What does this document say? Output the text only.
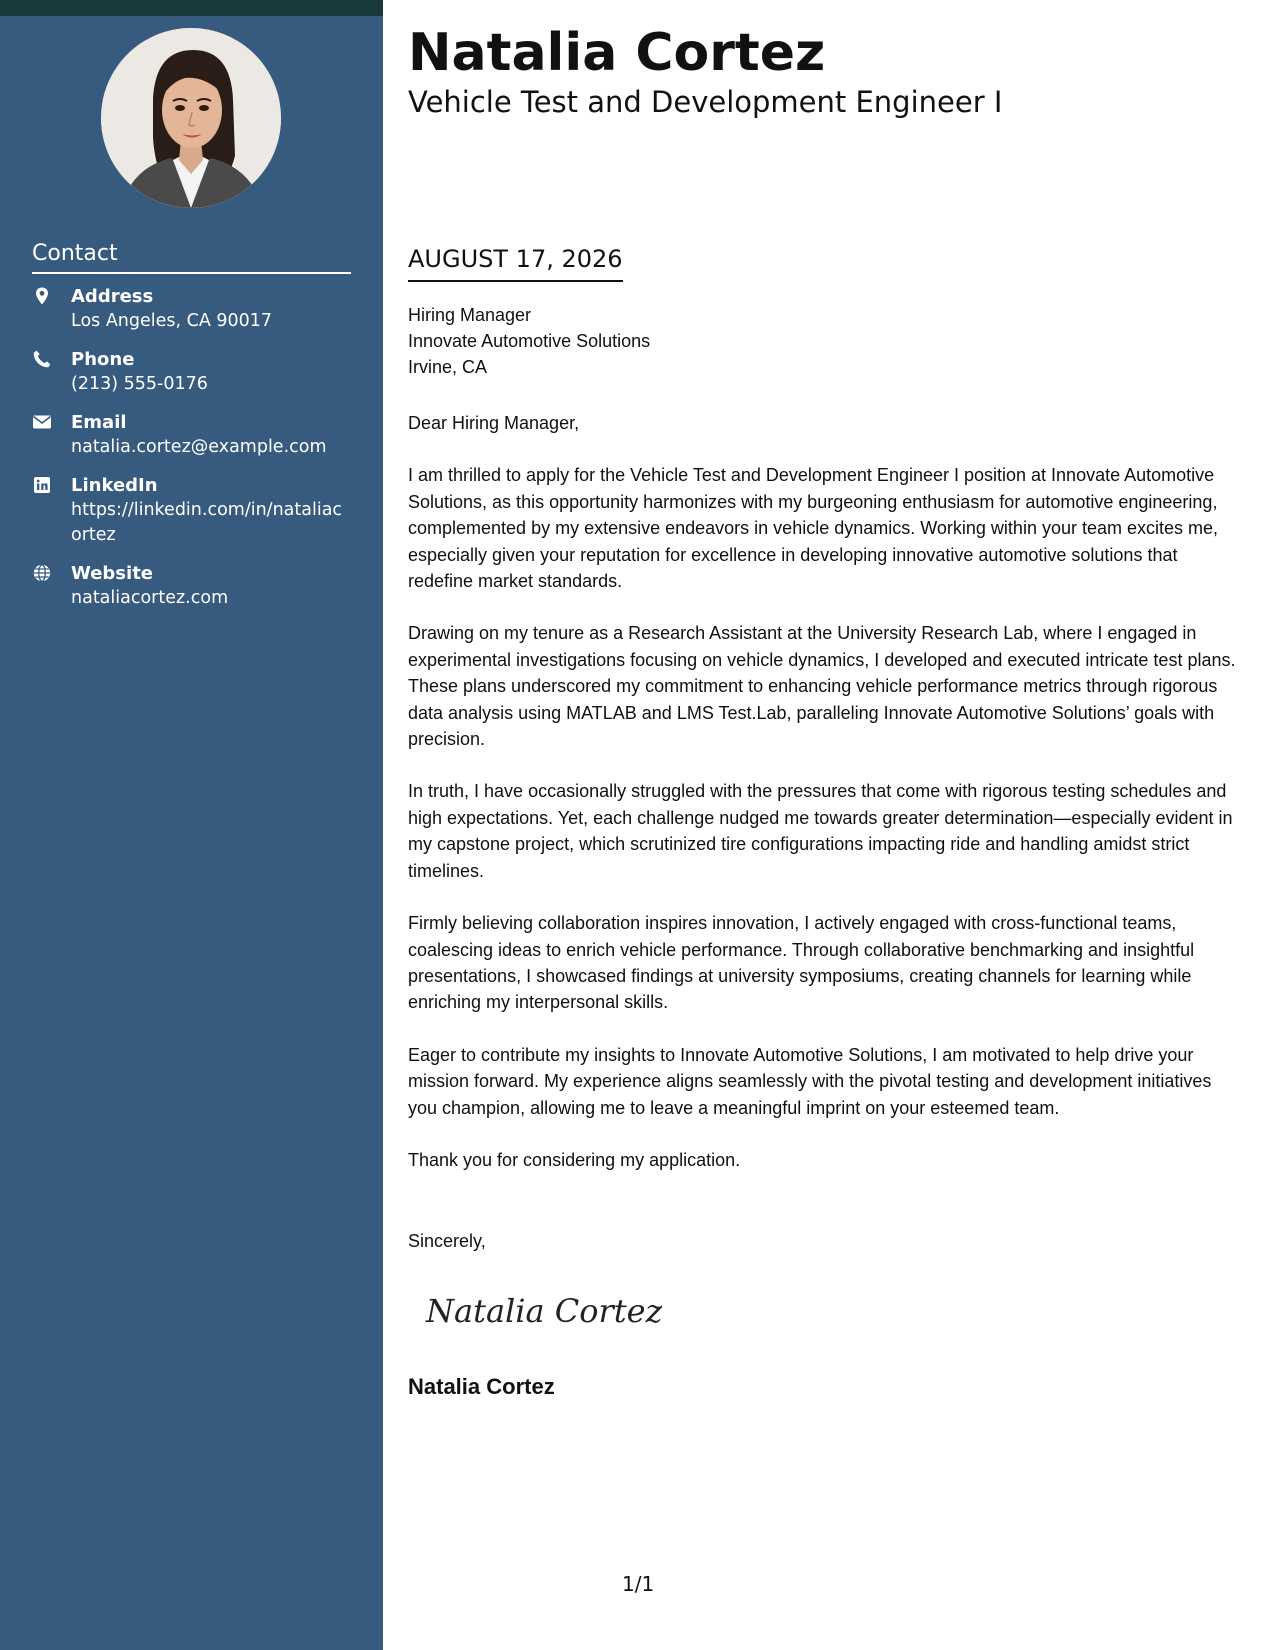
Contact
Address
Los Angeles, CA 90017
Phone
(213) 555-0176
Email
natalia.cortez@example.com
LinkedIn
https://linkedin.com/in/nataliacortez
Website
nataliacortez.com
Natalia Cortez
Vehicle Test and Development Engineer I
AUGUST 17, 2026
Hiring Manager
Innovate Automotive Solutions
Irvine, CA
Dear Hiring Manager,

I am thrilled to apply for the Vehicle Test and Development Engineer I position at Innovate Automotive Solutions, as this opportunity harmonizes with my burgeoning enthusiasm for automotive engineering, complemented by my extensive endeavors in vehicle dynamics. Working within your team excites me, especially given your reputation for excellence in developing innovative automotive solutions that redefine market standards.

Drawing on my tenure as a Research Assistant at the University Research Lab, where I engaged in experimental investigations focusing on vehicle dynamics, I developed and executed intricate test plans. These plans underscored my commitment to enhancing vehicle performance metrics through rigorous data analysis using MATLAB and LMS Test.Lab, paralleling Innovate Automotive Solutions’ goals with precision.

In truth, I have occasionally struggled with the pressures that come with rigorous testing schedules and high expectations. Yet, each challenge nudged me towards greater determination—especially evident in my capstone project, which scrutinized tire configurations impacting ride and handling amidst strict timelines.

Firmly believing collaboration inspires innovation, I actively engaged with cross-functional teams, coalescing ideas to enrich vehicle performance. Through collaborative benchmarking and insightful presentations, I showcased findings at university symposiums, creating channels for learning while enriching my interpersonal skills.

Eager to contribute my insights to Innovate Automotive Solutions, I am motivated to help drive your mission forward. My experience aligns seamlessly with the pivotal testing and development initiatives you champion, allowing me to leave a meaningful imprint on your esteemed team.

Thank you for considering my application.

Sincerely,
Natalia Cortez
Natalia Cortez
1/1
